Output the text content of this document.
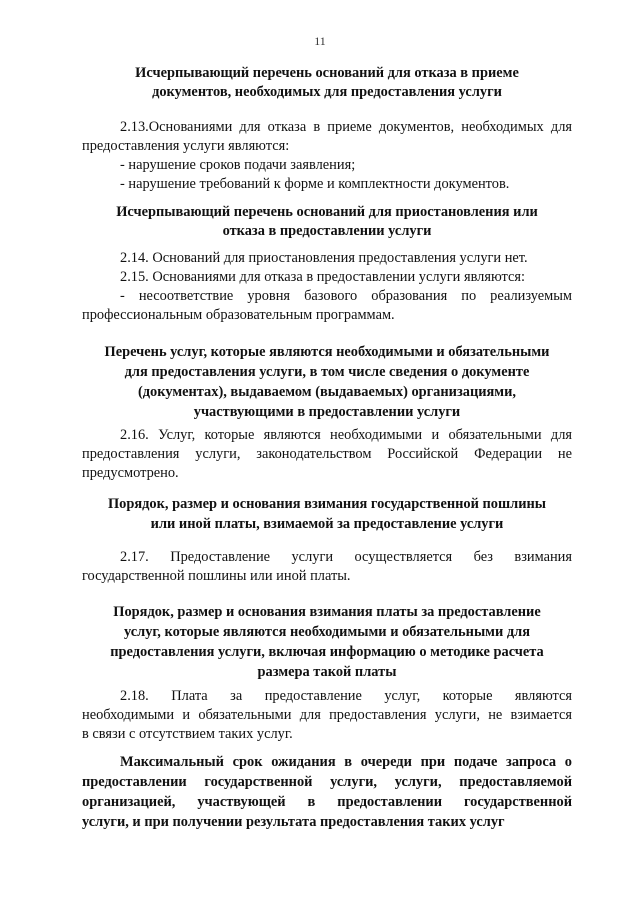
11
Исчерпывающий перечень оснований для отказа в приеме
документов, необходимых для предоставления услуги
2.13.Основаниями для отказа в приеме документов, необходимых для
предоставления услуги являются:
- нарушение сроков подачи заявления;
- нарушение требований к форме и комплектности документов.
Исчерпывающий перечень оснований для приостановления или
отказа в предоставлении услуги
2.14. Оснований для приостановления предоставления услуги нет.
2.15. Основаниями для отказа в предоставлении услуги являются:
- несоответствие уровня базового образования по реализуемым
профессиональным образовательным программам.
Перечень услуг, которые являются необходимыми и обязательными
для предоставления услуги, в том числе сведения о документе
(документах), выдаваемом (выдаваемых) организациями,
участвующими в предоставлении услуги
2.16. Услуг, которые являются необходимыми и обязательными для
предоставления услуги, законодательством Российской Федерации не
предусмотрено.
Порядок, размер и основания взимания государственной пошлины
или иной платы, взимаемой за предоставление услуги
2.17. Предоставление услуги осуществляется без взимания
государственной пошлины или иной платы.
Порядок, размер и основания взимания платы за предоставление
услуг, которые являются необходимыми и обязательными для
предоставления услуги, включая информацию о методике расчета
размера такой платы
2.18. Плата за предоставление услуг, которые являются
необходимыми и обязательными для предоставления услуги, не взимается
в связи с отсутствием таких услуг.
Максимальный срок ожидания в очереди при подаче запроса о
предоставлении государственной услуги, услуги, предоставляемой
организацией, участвующей в предоставлении государственной
услуги, и при получении результата предоставления таких услуг
